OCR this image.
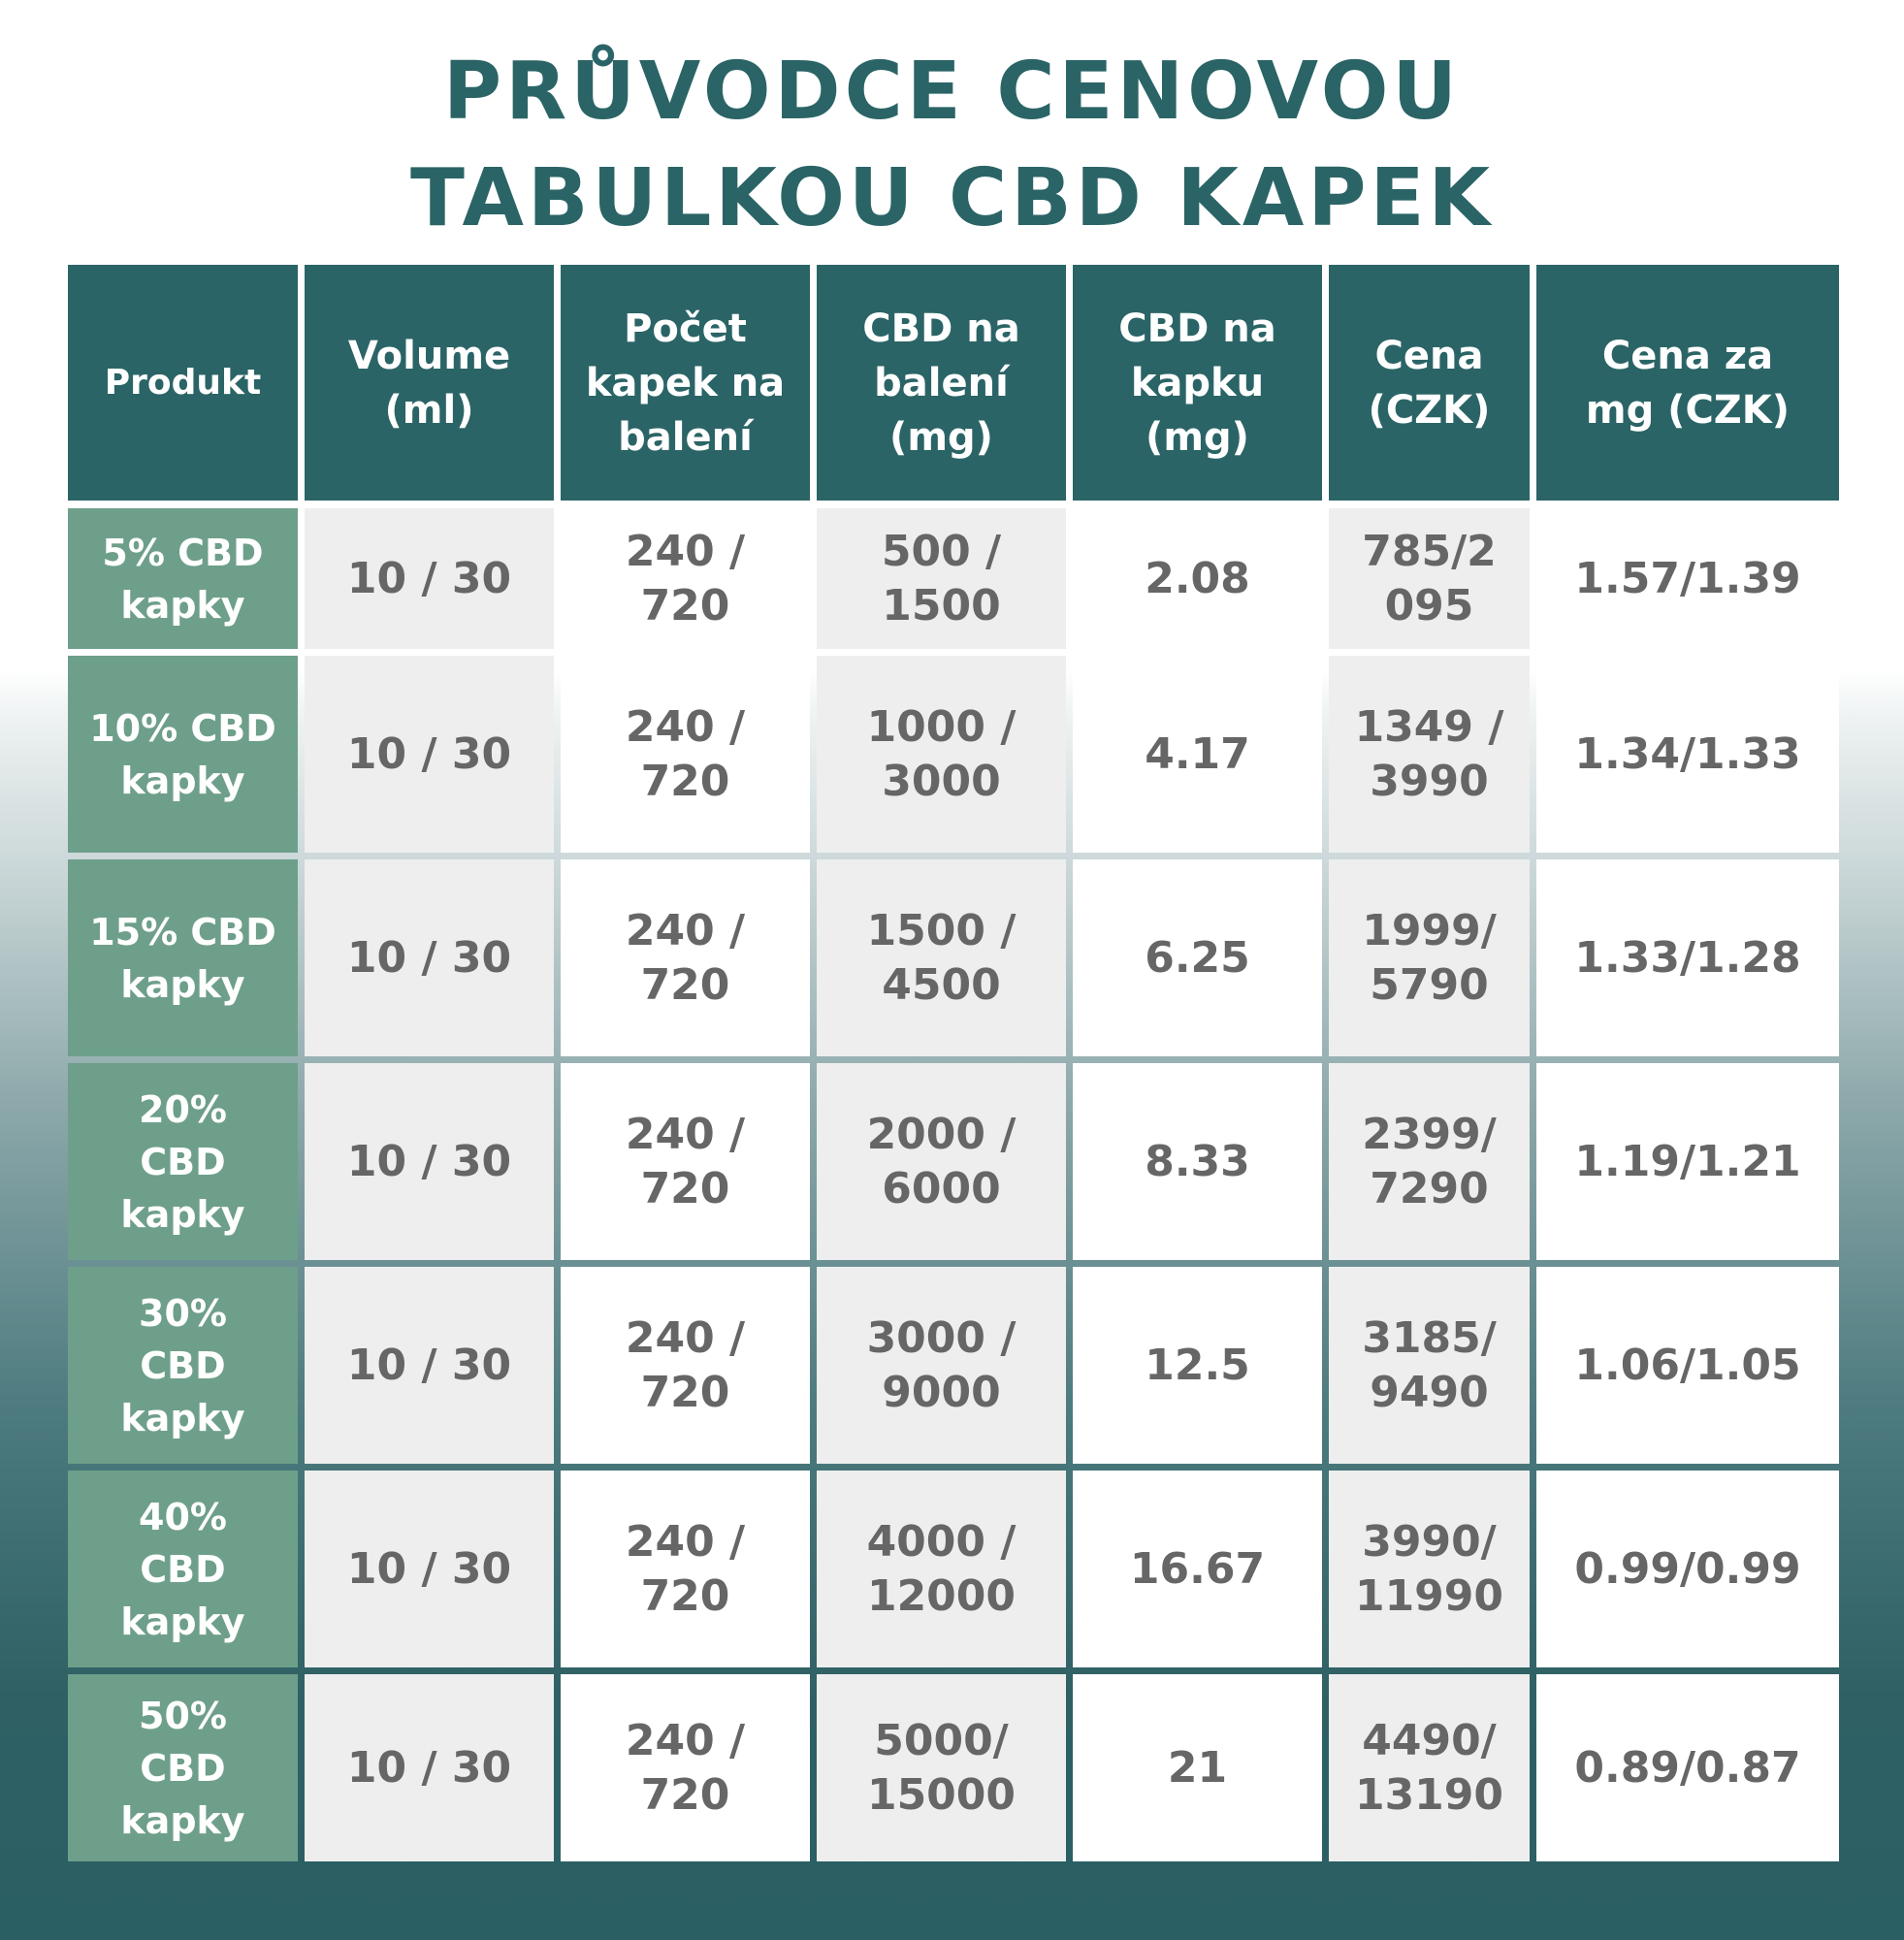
PRŮVODCE CENOVOU
TABULKOU CBD KAPEK
Produkt
Volume
(ml)
Počet
kapek na
balení
CBD na
balení
(mg)
CBD na
kapku
(mg)
Cena
(CZK)
Cena za
mg (CZK)
5% CBD
kapky
10 / 30
240 /
720
500 /
1500
2.08
785/2
095
1.57/1.39
10% CBD
kapky
10 / 30
240 /
720
1000 /
3000
4.17
1349 /
3990
1.34/1.33
15% CBD
kapky
10 / 30
240 /
720
1500 /
4500
6.25
1999/
5790
1.33/1.28
20%
CBD
kapky
10 / 30
240 /
720
2000 /
6000
8.33
2399/
7290
1.19/1.21
30%
CBD
kapky
10 / 30
240 /
720
3000 /
9000
12.5
3185/
9490
1.06/1.05
40%
CBD
kapky
10 / 30
240 /
720
4000 /
12000
16.67
3990/
11990
0.99/0.99
50%
CBD
kapky
10 / 30
240 /
720
5000/
15000
21
4490/
13190
0.89/0.87
